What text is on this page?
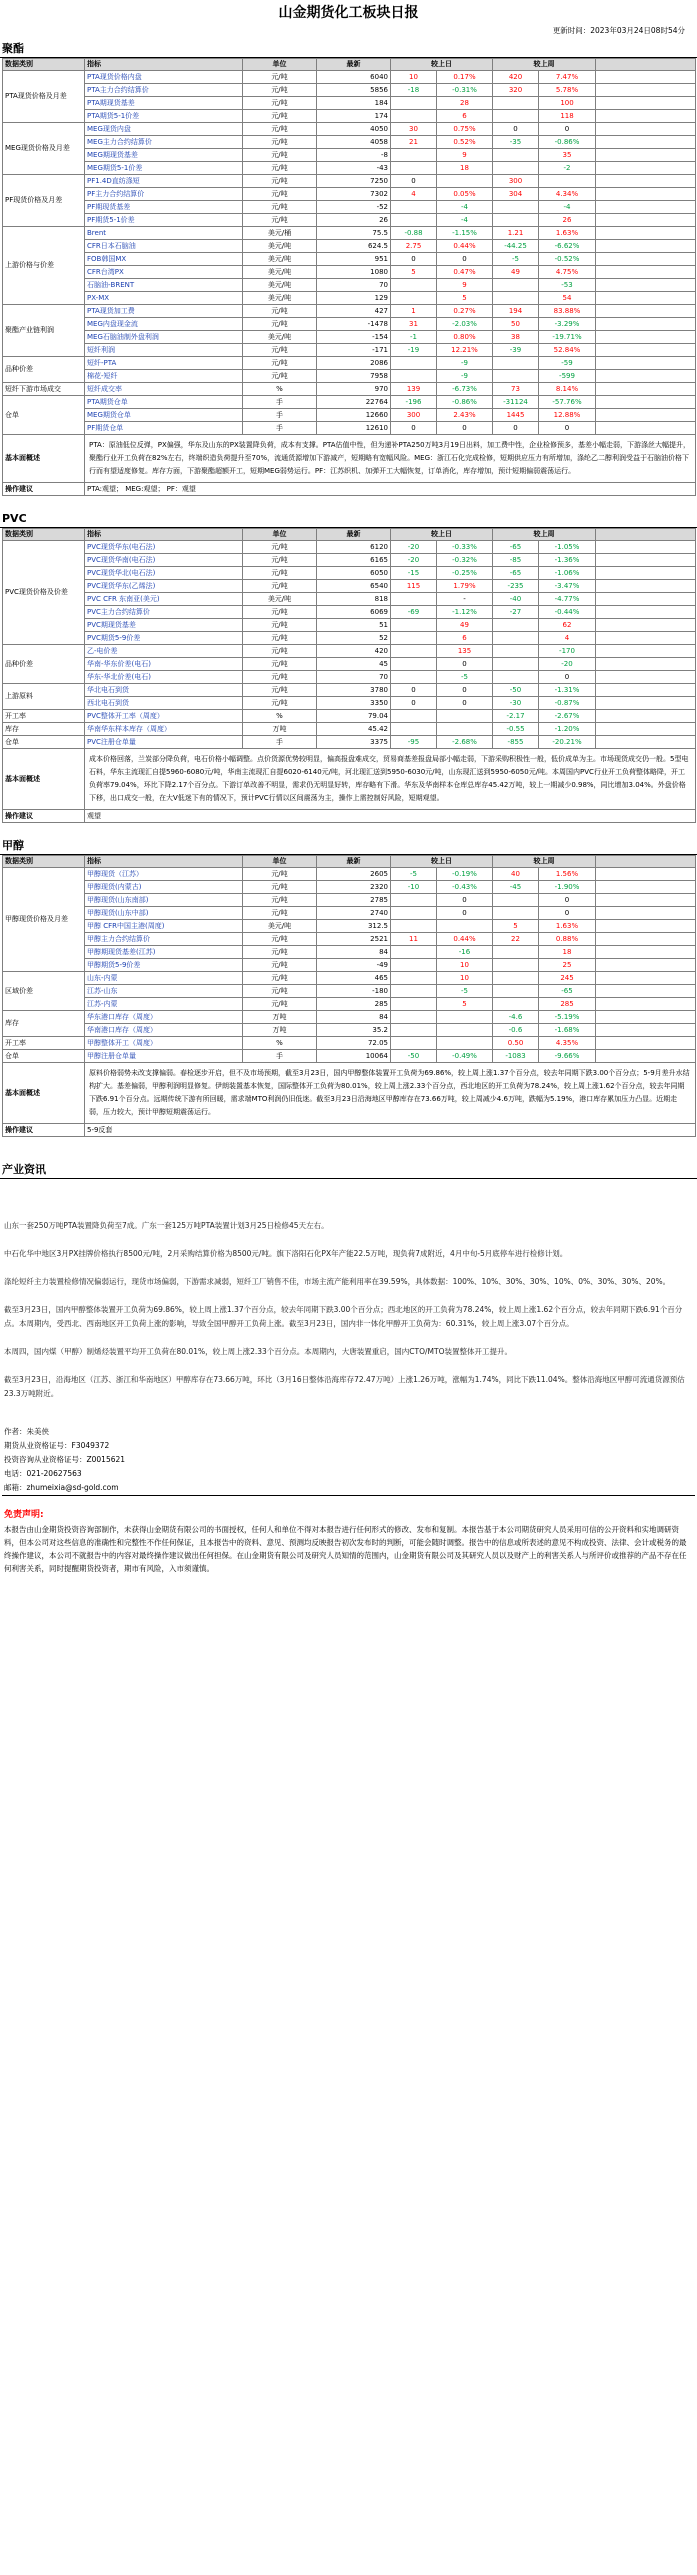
山金期货化工板块日报
更新时间：2023年03月24日08时54分
聚酯
数据类别	指标	单位	最新	较上日		较上周		
PTA现货价格及月差	PTA现货价格内盘	元/吨	6040	10	0.17%	420	7.47%	
	PTA主力合约结算价	元/吨	5856	-18	-0.31%	320	5.78%	
	PTA期现货基差	元/吨	184		28		100	
	PTA期货5-1价差	元/吨	174		6		118	
MEG现货价格及月差	MEG现货内盘	元/吨	4050	30	0.75%	0	0	
	MEG主力合约结算价	元/吨	4058	21	0.52%	-35	-0.86%	
	MEG期现货基差	元/吨	-8		9		35	
	MEG期货5-1价差	元/吨	-43		18		-2	
PF现货价格及月差	PF1.4D直纺涤短	元/吨	7250	0		300		
	PF主力合约结算价	元/吨	7302	4	0.05%	304	4.34%	
	PF期现货基差	元/吨	-52		-4		-4	
	PF期货5-1价差	元/吨	26		-4		26	
上游价格与价差	Brent	美元/桶	75.5	-0.88	-1.15%	1.21	1.63%	
	CFR日本石脑油	美元/吨	624.5	2.75	0.44%	-44.25	-6.62%	
	FOB韩国MX	美元/吨	951	0	0	-5	-0.52%	
	CFR台湾PX	美元/吨	1080	5	0.47%	49	4.75%	
	石脑油-BRENT	美元/吨	70		9		-53	
	PX-MX	美元/吨	129		5		54	
聚酯产业链利润	PTA现货加工费	元/吨	427	1	0.27%	194	83.88%	
	MEG内盘现金流	元/吨	-1478	31	-2.03%	50	-3.29%	
	MEG石脑油制外盘利润	美元/吨	-154	-1	0.80%	38	-19.71%	
	短纤利润	元/吨	-171	-19	12.21%	-39	52.84%	
品种价差	短纤-PTA	元/吨	2086		-9		-59	
	棉花-短纤	元/吨	7958		-9		-599	
短纤下游市场成交	短纤成交率	%	970	139	-6.73%	73	8.14%	
仓单	PTA期货仓单	手	22764	-196	-0.86%	-31124	-57.76%	
	MEG期货仓单	手	12660	300	2.43%	1445	12.88%	
	PF期货仓单	手	12610	0	0	0	0	
基本面概述	PTA：原油低位反弹，PX偏强，华东及山东的PX装置降负荷，成本有支撑。PTA估值中性，但为递补PTA250万吨3月19日出料，加工费中性，企业检修预多，基差小幅走弱，下游涤丝大幅提升，聚酯行业开工负荷在82%左右，终端织造负荷提升至70%，流通货源增加下游减产，短期略有宽幅风险。MEG：浙江石化完成检修，短期供应压力有所增加，涤纶乙二醇利润受益于石脑油价格下行而有望适度修复。库存方面，下游聚酯超额开工，短期MEG弱势运行。PF：江苏织机、加弹开工大幅恢复，订单消化，库存增加，预计短期偏弱震荡运行。							
操作建议	PTA:观望； MEG:观望； PF：观望							
PVC
数据类别	指标	单位	最新	较上日		较上周		
PVC现货价格及价差	PVC现货华东(电石法)	元/吨	6120	-20	-0.33%	-65	-1.05%	
	PVC现货华南(电石法)	元/吨	6165	-20	-0.32%	-85	-1.36%	
	PVC现货华北(电石法)	元/吨	6050	-15	-0.25%	-65	-1.06%	
	PVC现货华东(乙烯法)	元/吨	6540	115	1.79%	-235	-3.47%	
	PVC CFR 东南亚(美元)	美元/吨	818		-	-40	-4.77%	
	PVC主力合约结算价	元/吨	6069	-69	-1.12%	-27	-0.44%	
	PVC期现货基差	元/吨	51		49		62	
	PVC期货5-9价差	元/吨	52		6		4	
品种价差	乙-电价差	元/吨	420		135		-170	
	华南-华东价差(电石)	元/吨	45		0		-20	
	华东-华北价差(电石)	元/吨	70		-5		0	
上游原料	华北电石到货	元/吨	3780	0	0	-50	-1.31%	
	西北电石到货	元/吨	3350	0	0	-30	-0.87%	
开工率	PVC整体开工率（周度）	%	79.04			-2.17	-2.67%	
库存	华南华东样本库存（周度）	万吨	45.42			-0.55	-1.20%	
仓单	PVC注册仓单量	手	3375	-95	-2.68%	-855	-20.21%	
基本面概述	成本价格回落，兰炭部分降负荷，电石价格小幅调整。点价货源优势较明显，偏高报盘难成交，贸易商基差报盘局部小幅走弱，下游采购积极性一般，低价成单为主。市场现货成交仍一般。5型电石料，华东主流现汇自提5960-6080元/吨，华南主流现汇自提6020-6140元/吨，河北现汇送到5950-6030元/吨，山东现汇送到5950-6050元/吨。本周国内PVC行业开工负荷整体略降，开工负荷率79.04%，环比下降2.17个百分点。下游订单改善不明显，需求仍无明显好转，库存略有下滑。华东及华南样本仓库总库存45.42万吨，较上一期减少0.98%，同比增加3.04%。外盘价格下移，出口成交一般，在大V低迷下有的情况下，预计PVC行情以区间震荡为主，操作上需控制好风险，短期观望。							
操作建议	观望							
甲醇
数据类别	指标	单位	最新	较上日		较上周		
甲醇现货价格及月差	甲醇现货（江苏）	元/吨	2605	-5	-0.19%	40	1.56%	
	甲醇现货(内蒙古)	元/吨	2320	-10	-0.43%	-45	-1.90%	
	甲醇现货(山东南部)	元/吨	2785		0		0	
	甲醇现货(山东中部)	元/吨	2740		0		0	
	甲醇 CFR中国主港(周度)	美元/吨	312.5			5	1.63%	
	甲醇主力合约结算价	元/吨	2521	11	0.44%	22	0.88%	
	甲醇期现货基差(江苏)	元/吨	84		-16		18	
	甲醇期货5-9价差	元/吨	-49		10		25	
区域价差	山东-内蒙	元/吨	465		10		245	
	江苏-山东	元/吨	-180		-5		-65	
	江苏-内蒙	元/吨	285		5		285	
库存	华东港口库存（周度）	万吨	84			-4.6	-5.19%	
	华南港口库存（周度）	万吨	35.2			-0.6	-1.68%	
开工率	甲醇整体开工（周度）	%	72.05			0.50	4.35%	
仓单	甲醇注册仓单量	手	10064	-50	-0.49%	-1083	-9.66%	
基本面概述	原料价格弱势未改支撑偏弱。春检逐步开启，但不及市场预期，截至3月23日，国内甲醇整体装置开工负荷为69.86%，较上周上涨1.37个百分点，较去年同期下跌3.00个百分点；5-9月差升水结构扩大。基差偏弱，甲醇利润明显修复。伊朗装置基本恢复，国际整体开工负荷为80.01%，较上周上涨2.33个百分点，西北地区的开工负荷为78.24%，较上周上涨1.62个百分点，较去年同期下跌6.91个百分点。远期传统下游有所回暖，需求端MTO利润仍旧低迷。截至3月23日沿海地区甲醇库存在73.66万吨，较上周减少4.6万吨，跌幅为5.19%，港口库存累加压力凸显。近期走弱，压力较大，预计甲醇短期震荡运行。							
操作建议	5-9反套							
产业资讯

山东一套250万吨PTA装置降负荷至7成。广东一套125万吨PTA装置计划3月25日检修45天左右。

中石化华中地区3月PX挂牌价格执行8500元/吨，2月采购结算价格为8500元/吨。旗下洛阳石化PX年产能22.5万吨，现负荷7成附近，4月中旬-5月底停车进行检修计划。

涤纶短纤主力装置检修情况偏弱运行，现货市场偏弱，下游需求减弱，短纤工厂销售不佳，市场主流产能利用率在39.59%，具体数据：100%、10%、30%、30%、10%、0%、30%、30%、20%。

截至3月23日，国内甲醇整体装置开工负荷为69.86%，较上周上涨1.37个百分点，较去年同期下跌3.00个百分点；西北地区的开工负荷为78.24%，较上周上涨1.62个百分点，较去年同期下跌6.91个百分点。本周期内，受西北、西南地区开工负荷上涨的影响，导致全国甲醇开工负荷上涨。截至3月23日，国内非一体化甲醇开工负荷为：60.31%，较上周上涨3.07个百分点。

本周四，国内煤（甲醇）制烯烃装置平均开工负荷在80.01%，较上周上涨2.33个百分点。本周期内，大唐装置重启，国内CTO/MTO装置整体开工提升。

截至3月23日，沿海地区（江苏、浙江和华南地区）甲醇库存在73.66万吨，环比（3月16日整体沿海库存72.47万吨）上涨1.26万吨，涨幅为1.74%，同比下跌11.04%。整体沿海地区甲醇可流通货源预估23.3万吨附近。

作者：朱美侠
期货从业资格证号：F3049372
投资咨询从业资格证号：Z0015621
电话：021-20627563
邮箱：zhumeixia@sd-gold.com
免责声明:
本报告由山金期货投资咨询部制作，未获得山金期货有限公司的书面授权，任何人和单位不得对本报告进行任何形式的修改、发布和复制。本报告基于本公司期货研究人员采用可信的公开资料和实地调研资料，但本公司对这些信息的准确性和完整性不作任何保证，且本报告中的资料、意见、预测均反映报告初次发布时的判断，可能会随时调整。报告中的信息或所表述的意见不构成投资、法律、会计或税务的最终操作建议，本公司不就报告中的内容对最终操作建议做出任何担保。在山金期货有限公司及研究人员知情的范围内，山金期货有限公司及其研究人员以及财产上的利害关系人与所评价或推荐的产品不存在任何利害关系，同时提醒期货投资者，期市有风险，入市须谨慎。
